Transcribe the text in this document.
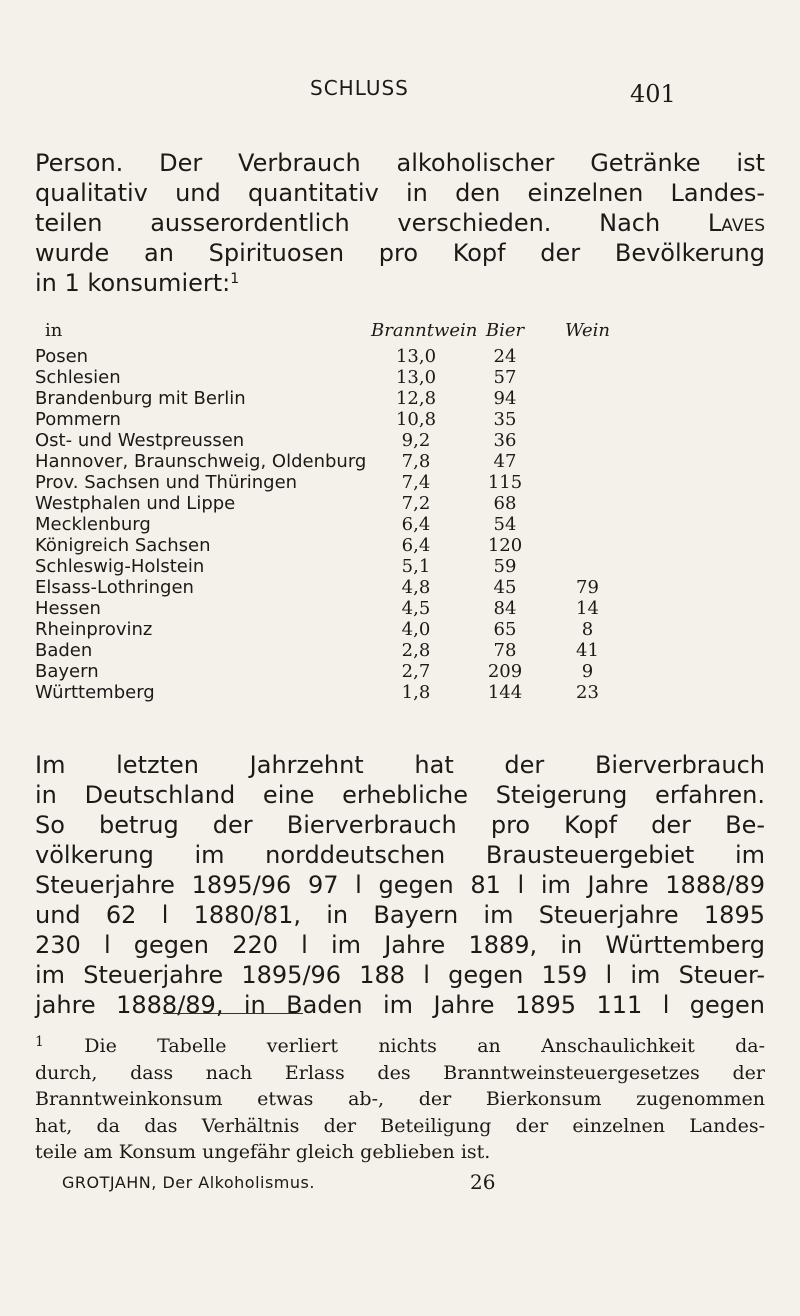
SCHLUSS	401
Person. Der Verbrauch alkoholischer Getränke ist
qualitativ und quantitativ in den einzelnen Landes-
teilen ausserordentlich verschieden. Nach Laves
wurde an Spirituosen pro Kopf der Bevölkerung
in 1 konsumiert:$^1$
in	Branntwein Bier	Wein
Posen	13,0	24
Schlesien	13,0	57
Brandenburg mit Berlin	12,8	94
Pommern	10,8	35
Ost- und Westpreussen	9,2	36
Hannover, Braunschweig, Oldenburg	7,8	47
Prov. Sachsen und Thüringen	7,4	115
Westphalen und Lippe	7,2	68
Mecklenburg	6,4	54
Königreich Sachsen	6,4	120
Schleswig-Holstein	5,1	59
Elsass-Lothringen	4,8	45	79
Hessen	4,5	84	14
Rheinprovinz	4,0	65	8
Baden	2,8	78	41
Bayern	2,7	209	9
Württemberg	1,8	144	23
Im letzten Jahrzehnt hat der Bierverbrauch
in Deutschland eine erhebliche Steigerung erfahren.
So betrug der Bierverbrauch pro Kopf der Be-
völkerung im norddeutschen Brausteuergebiet im
Steuerjahre 1895/96 97 l gegen 81 l im Jahre 1888/89
und 62 l 1880/81, in Bayern im Steuerjahre 1895
230 l gegen 220 l im Jahre 1889, in Württemberg
im Steuerjahre 1895/96 188 l gegen 159 l im Steuer-
jahre 1888/89, in Baden im Jahre 1895 111 l gegen
$^1$ Die Tabelle verliert nichts an Anschaulichkeit da-
durch, dass nach Erlass des Branntweinsteuergesetzes der
Branntweinkonsum etwas ab-, der Bierkonsum zugenommen
hat, da das Verhältnis der Beteiligung der einzelnen Landes-
teile am Konsum ungefähr gleich geblieben ist.
GROTJAHN, Der Alkoholismus.	26
